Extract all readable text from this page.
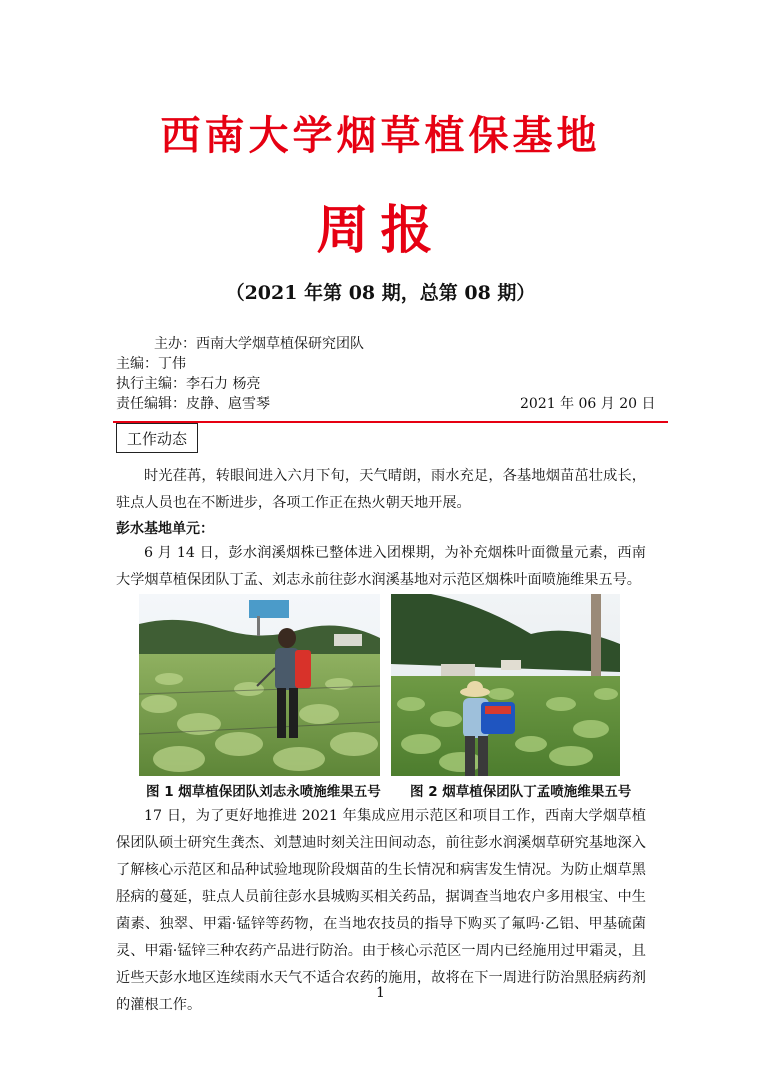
西南大学烟草植保基地
周报
（2021 年第 08 期，总第 08 期）
主办：西南大学烟草植保研究团队
主编：丁伟
执行主编：李石力 杨亮
责任编辑：皮静、扈雪琴	2021 年 06 月 20 日
工作动态

时光荏苒，转眼间进入六月下旬，天气晴朗，雨水充足，各基地烟苗茁壮成长，驻点人员也在不断进步，各项工作正在热火朝天地开展。

彭水基地单元：

6 月 14 日，彭水润溪烟株已整体进入团棵期，为补充烟株叶面微量元素，西南大学烟草植保团队丁孟、刘志永前往彭水润溪基地对示范区烟株叶面喷施维果五号。

图 1 烟草植保团队刘志永喷施维果五号 图 2 烟草植保团队丁孟喷施维果五号

17 日，为了更好地推进 2021 年集成应用示范区和项目工作，西南大学烟草植保团队硕士研究生龚杰、刘慧迪时刻关注田间动态，前往彭水润溪烟草研究基地深入了解核心示范区和品种试验地现阶段烟苗的生长情况和病害发生情况。为防止烟草黑胫病的蔓延，驻点人员前往彭水县城购买相关药品，据调查当地农户多用根宝、中生菌素、独翠、甲霜·锰锌等药物，在当地农技员的指导下购买了氟吗·乙铝、甲基硫菌灵、甲霜·锰锌三种农药产品进行防治。由于核心示范区一周内已经施用过甲霜灵，且近些天彭水地区连续雨水天气不适合农药的施用，故将在下一周进行防治黑胫病药剂的灌根工作。

1
